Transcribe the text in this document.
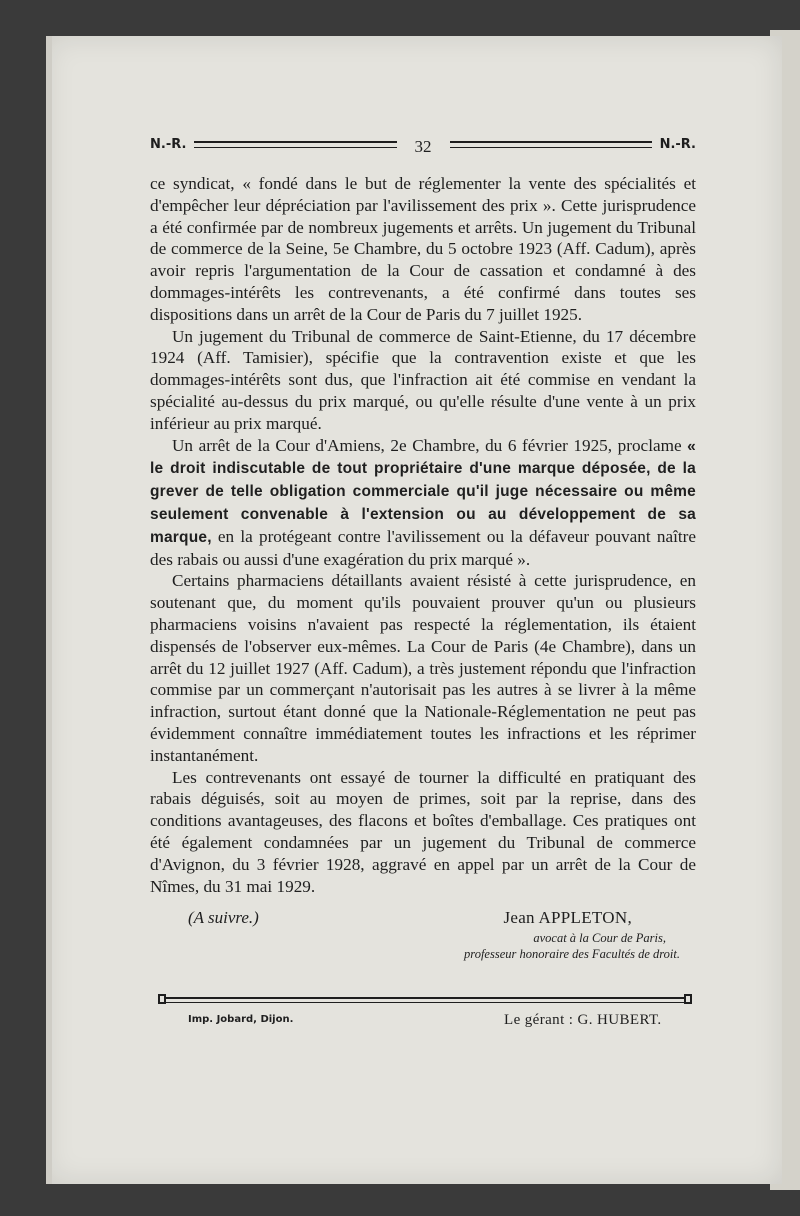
N.-R.	32	N.-R.

ce syndicat, « fondé dans le but de réglementer la vente des spécialités et d'empêcher leur dépréciation par l'avilissement des prix ». Cette jurisprudence a été confirmée par de nombreux jugements et arrêts. Un jugement du Tribunal de commerce de la Seine, 5e Chambre, du 5 octobre 1923 (Aff. Cadum), après avoir repris l'argumentation de la Cour de cassation et condamné à des dommages-intérêts les contrevenants, a été confirmé dans toutes ses dispositions dans un arrêt de la Cour de Paris du 7 juillet 1925.

Un jugement du Tribunal de commerce de Saint-Etienne, du 17 décembre 1924 (Aff. Tamisier), spécifie que la contravention existe et que les dommages-intérêts sont dus, que l'infraction ait été commise en vendant la spécialité au-dessus du prix marqué, ou qu'elle résulte d'une vente à un prix inférieur au prix marqué.

Un arrêt de la Cour d'Amiens, 2e Chambre, du 6 février 1925, proclame « le droit indiscutable de tout propriétaire d'une marque déposée, de la grever de telle obligation commerciale qu'il juge nécessaire ou même seulement convenable à l'extension ou au développement de sa marque, en la protégeant contre l'avilissement ou la défaveur pouvant naître des rabais ou aussi d'une exagération du prix marqué ».

Certains pharmaciens détaillants avaient résisté à cette jurisprudence, en soutenant que, du moment qu'ils pouvaient prouver qu'un ou plusieurs pharmaciens voisins n'avaient pas respecté la réglementation, ils étaient dispensés de l'observer eux-mêmes. La Cour de Paris (4e Chambre), dans un arrêt du 12 juillet 1927 (Aff. Cadum), a très justement répondu que l'infraction commise par un commerçant n'autorisait pas les autres à se livrer à la même infraction, surtout étant donné que la Nationale-Réglementation ne peut pas évidemment connaître immédiatement toutes les infractions et les réprimer instantanément.

Les contrevenants ont essayé de tourner la difficulté en pratiquant des rabais déguisés, soit au moyen de primes, soit par la reprise, dans des conditions avantageuses, des flacons et boîtes d'emballage. Ces pratiques ont été également condamnées par un jugement du Tribunal de commerce d'Avignon, du 3 février 1928, aggravé en appel par un arrêt de la Cour de Nîmes, du 31 mai 1929.

(A suivre.)	Jean APPLETON,
avocat à la Cour de Paris,
professeur honoraire des Facultés de droit.
Imp. Jobard, Dijon.	Le gérant : G. HUBERT.
